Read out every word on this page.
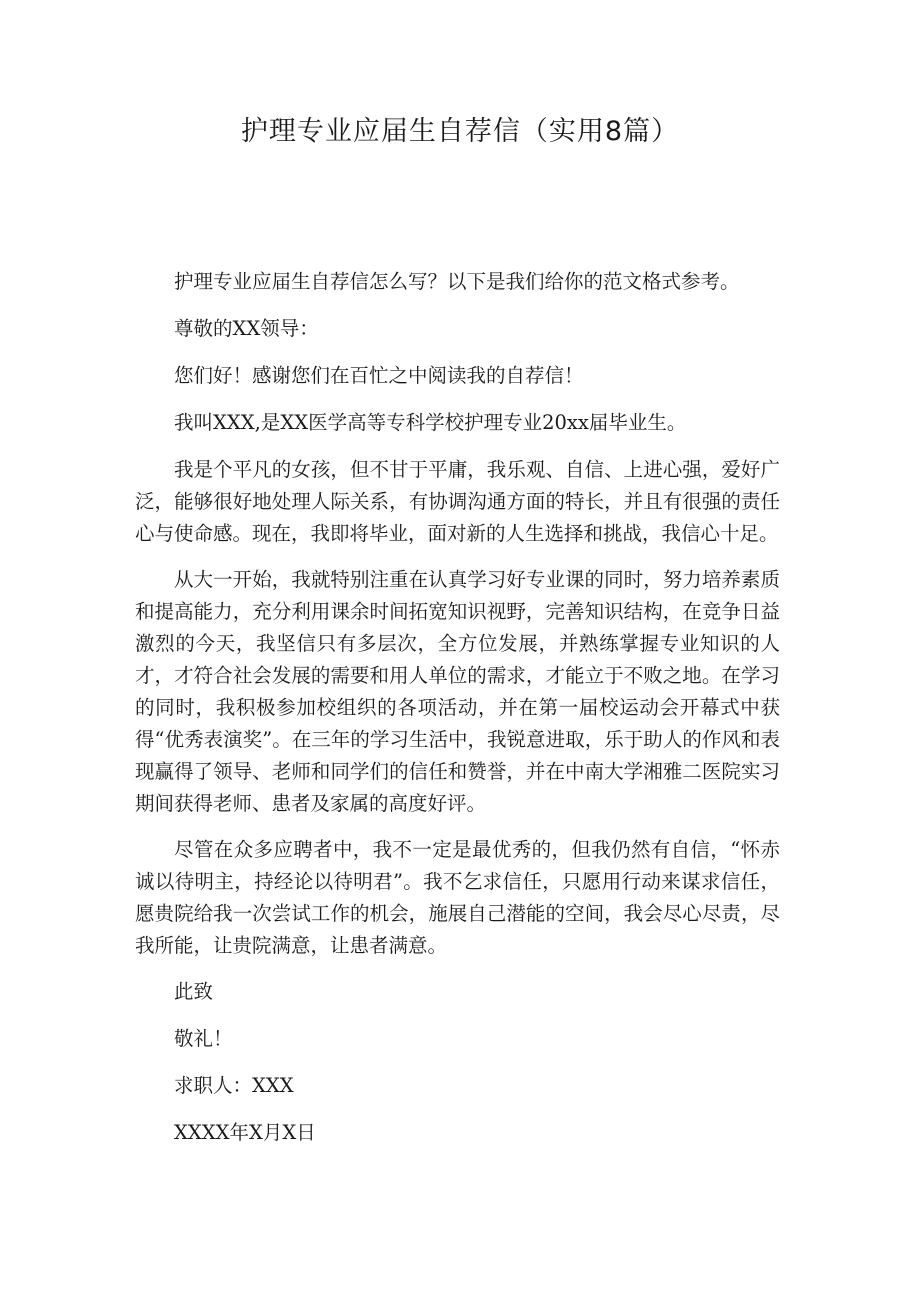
护理专业应届生自荐信（实用8篇）

护理专业应届生自荐信怎么写？以下是我们给你的范文格式参考。

尊敬的XX领导：

您们好！感谢您们在百忙之中阅读我的自荐信！

我叫XXX,是XX医学高等专科学校护理专业20xx届毕业生。

我是个平凡的女孩，但不甘于平庸，我乐观、自信、上进心强，爱好广泛，能够很好地处理人际关系，有协调沟通方面的特长，并且有很强的责任心与使命感。现在，我即将毕业，面对新的人生选择和挑战，我信心十足。

从大一开始，我就特别注重在认真学习好专业课的同时，努力培养素质和提高能力，充分利用课余时间拓宽知识视野，完善知识结构，在竞争日益激烈的今天，我坚信只有多层次，全方位发展，并熟练掌握专业知识的人才，才符合社会发展的需要和用人单位的需求，才能立于不败之地。在学习的同时，我积极参加校组织的各项活动，并在第一届校运动会开幕式中获得“优秀表演奖”。在三年的学习生活中，我锐意进取，乐于助人的作风和表现赢得了领导、老师和同学们的信任和赞誉，并在中南大学湘雅二医院实习期间获得老师、患者及家属的高度好评。

尽管在众多应聘者中，我不一定是最优秀的，但我仍然有自信，“怀赤诚以待明主，持经论以待明君”。我不乞求信任，只愿用行动来谋求信任，愿贵院给我一次尝试工作的机会，施展自己潜能的空间，我会尽心尽责，尽我所能，让贵院满意，让患者满意。

此致

敬礼！

求职人：XXX

XXXX年X月X日
